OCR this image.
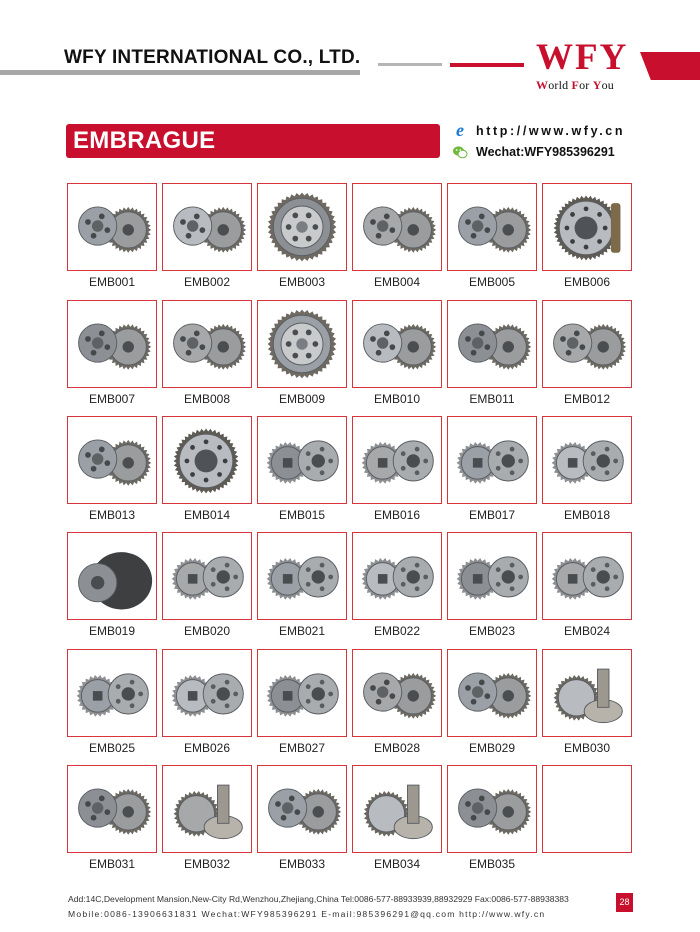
WFY INTERNATIONAL CO., LTD.	WFY
World For You
EMBRAGUE	e http://www.wfy.cn
Wechat:WFY985396291
EMB001	EMB002	EMB003	EMB004	EMB005	EMB006
EMB007	EMB008	EMB009	EMB010	EMB011	EMB012
EMB013	EMB014	EMB015	EMB016	EMB017	EMB018
EMB019	EMB020	EMB021	EMB022	EMB023	EMB024
EMB025	EMB026	EMB027	EMB028	EMB029	EMB030
EMB031	EMB032	EMB033	EMB034	EMB035
Add:14C,Development Mansion,New-City Rd,Wenzhou,Zhejiang,China Tel:0086-577-88933939,88932929 Fax:0086-577-88938383
Mobile:0086-13906631831 Wechat:WFY985396291 E-mail:985396291@qq.com http://www.wfy.cn
28
